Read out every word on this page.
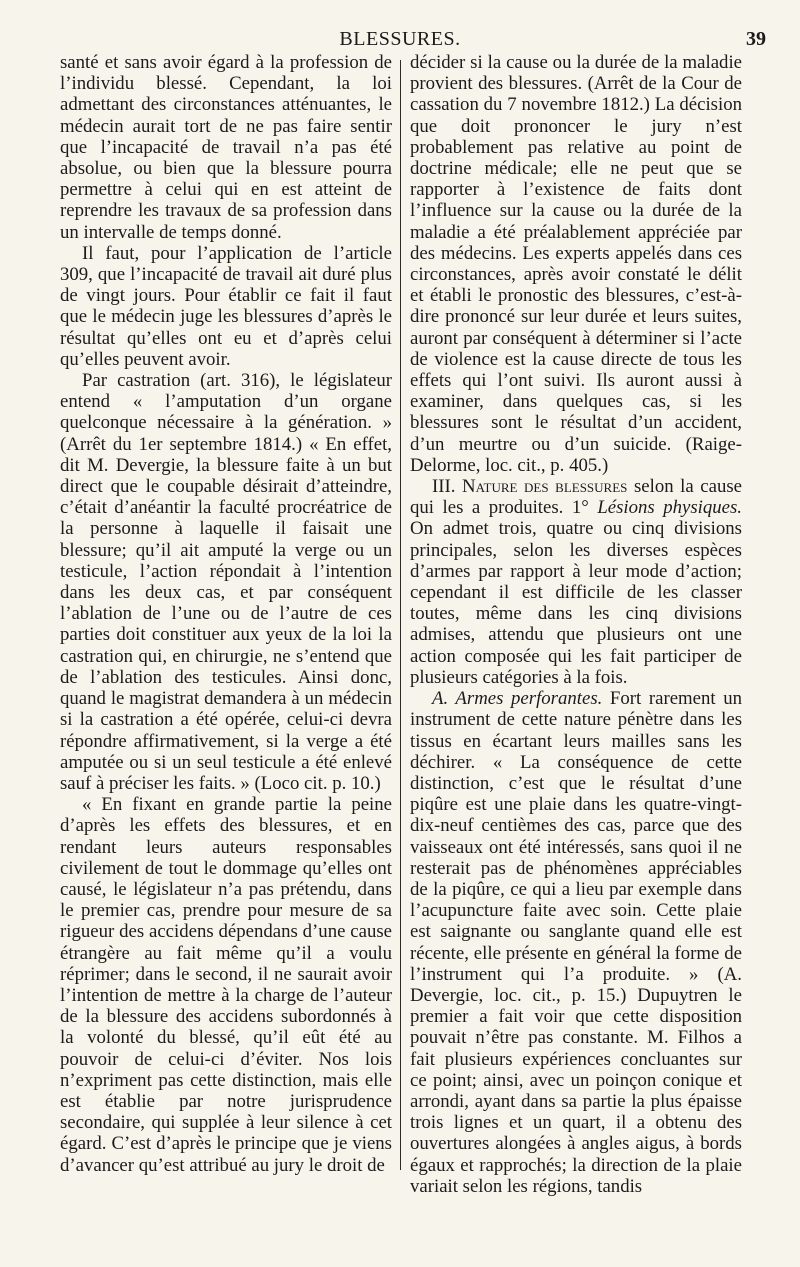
BLESSURES.	39

santé et sans avoir égard à la profession de l’individu blessé. Cependant, la loi admettant des circonstances atténuantes, le médecin aurait tort de ne pas faire sentir que l’incapacité de travail n’a pas été absolue, ou bien que la blessure pourra permettre à celui qui en est atteint de reprendre les travaux de sa profession dans un intervalle de temps donné.

Il faut, pour l’application de l’article 309, que l’incapacité de travail ait duré plus de vingt jours. Pour établir ce fait il faut que le médecin juge les blessures d’après le résultat qu’elles ont eu et d’après celui qu’elles peuvent avoir.

Par castration (art. 316), le législateur entend « l’amputation d’un organe quelconque nécessaire à la génération. » (Arrêt du 1er septembre 1814.) « En effet, dit M. Devergie, la blessure faite à un but direct que le coupable désirait d’atteindre, c’était d’anéantir la faculté procréatrice de la personne à laquelle il faisait une blessure; qu’il ait amputé la verge ou un testicule, l’action répondait à l’intention dans les deux cas, et par conséquent l’ablation de l’une ou de l’autre de ces parties doit constituer aux yeux de la loi la castration qui, en chirurgie, ne s’entend que de l’ablation des testicules. Ainsi donc, quand le magistrat demandera à un médecin si la castration a été opérée, celui-ci devra répondre affirmativement, si la verge a été amputée ou si un seul testicule a été enlevé sauf à préciser les faits. » (Loco cit. p. 10.)

« En fixant en grande partie la peine d’après les effets des blessures, et en rendant leurs auteurs responsables civilement de tout le dommage qu’elles ont causé, le législateur n’a pas prétendu, dans le premier cas, prendre pour mesure de sa rigueur des accidens dépendans d’une cause étrangère au fait même qu’il a voulu réprimer; dans le second, il ne saurait avoir l’intention de mettre à la charge de l’auteur de la blessure des accidens subordonnés à la volonté du blessé, qu’il eût été au pouvoir de celui-ci d’éviter. Nos lois n’expriment pas cette distinction, mais elle est établie par notre jurisprudence secondaire, qui supplée à leur silence à cet égard. C’est d’après le principe que je viens d’avancer qu’est attribué au jury le droit de

décider si la cause ou la durée de la maladie provient des blessures. (Arrêt de la Cour de cassation du 7 novembre 1812.) La décision que doit prononcer le jury n’est probablement pas relative au point de doctrine médicale; elle ne peut que se rapporter à l’existence de faits dont l’influence sur la cause ou la durée de la maladie a été préalablement appréciée par des médecins. Les experts appelés dans ces circonstances, après avoir constaté le délit et établi le pronostic des blessures, c’est-à-dire prononcé sur leur durée et leurs suites, auront par conséquent à déterminer si l’acte de violence est la cause directe de tous les effets qui l’ont suivi. Ils auront aussi à examiner, dans quelques cas, si les blessures sont le résultat d’un accident, d’un meurtre ou d’un suicide. (Raige-Delorme, loc. cit., p. 405.)

III. Nature des blessures selon la cause qui les a produites. 1° Lésions physiques. On admet trois, quatre ou cinq divisions principales, selon les diverses espèces d’armes par rapport à leur mode d’action; cependant il est difficile de les classer toutes, même dans les cinq divisions admises, attendu que plusieurs ont une action composée qui les fait participer de plusieurs catégories à la fois.

A. Armes perforantes. Fort rarement un instrument de cette nature pénètre dans les tissus en écartant leurs mailles sans les déchirer. « La conséquence de cette distinction, c’est que le résultat d’une piqûre est une plaie dans les quatre-vingt-dix-neuf centièmes des cas, parce que des vaisseaux ont été intéressés, sans quoi il ne resterait pas de phénomènes appréciables de la piqûre, ce qui a lieu par exemple dans l’acupuncture faite avec soin. Cette plaie est saignante ou sanglante quand elle est récente, elle présente en général la forme de l’instrument qui l’a produite. » (A. Devergie, loc. cit., p. 15.) Dupuytren le premier a fait voir que cette disposition pouvait n’être pas constante. M. Filhos a fait plusieurs expériences concluantes sur ce point; ainsi, avec un poinçon conique et arrondi, ayant dans sa partie la plus épaisse trois lignes et un quart, il a obtenu des ouvertures alongées à angles aigus, à bords égaux et rapprochés; la direction de la plaie variait selon les régions, tandis
